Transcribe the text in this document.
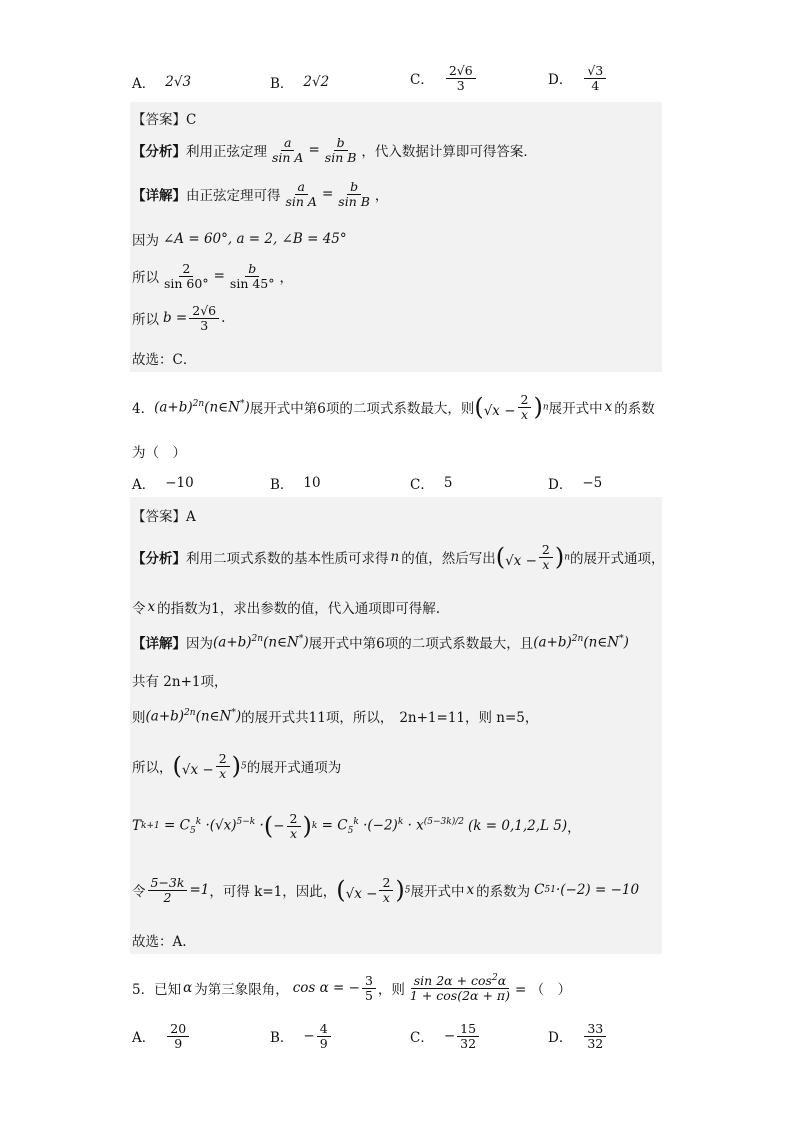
A． 2√3	B． 2√2	C． $\frac{2√6}{3}$	D． $\frac{√3}{4}$
【答案】C
【分析】 利用正弦定理 $\frac{a}{\text{sin A}} = \frac{b}{\text{sin B}}$ ，代入数据计算即可得答案．
【详解】 由正弦定理可得 $\frac{a}{\text{sin A}} = \frac{b}{\text{sin B}}$ ，
因为 ∠A = 60°, a = 2, ∠B = 45°
所以 $\frac{2}{\sin 60^\circ} = \frac{b}{\sin 45^\circ}$ ，
所以 $b = \frac{2√6}{3}$ .
故选：C．
4． $(a+b)^{2n}(n\in N^*)$ 展开式中第6项的二项式系数最大，则 $(√x - \frac{2}{x} )^n$ 展开式中 x 的系数
为（　）
A． −10	B． 10	C． 5	D． −5
【答案】A
【分析】 利用二项式系数的基本性质可求得 n 的值，然后写出 $(√x - \frac{2}{x} )^n$ 的展开式通项，
令 x 的指数为1，求出参数的值，代入通项即可得解.
【详解】 因为 $(a+b)^{2n}(n\in N^*)$ 展开式中第6项的二项式系数最大，且 $(a+b)^{2n}(n\in N^*)$
共有 2n+1项，
则 $(a+b)^{2n}(n\in N^*)$ 的展开式共11项，所以， 2n+1=11，则 n=5，
所以， $(√x - \frac{2}{x} )^5$ 的展开式通项为
T $k+1 = C_5^k \cdot(√x)^{5-k}$ · ( − $\frac{2}{x}$ ) $k = C_5^k \cdot(-2)^k \cdot x^{(5-3k)/2}$ (k = 0,1,2,L 5) ，
令 $\frac{5-3k}{2} =1$ ，可得 k=1，因此， $(√x - \frac{2}{x} )^5$ 展开式中 x 的系数为 C 5 1 ·(−2) = −10
故选：A.
5．已知 α 为第三象限角， cos α = − $\frac{3}{5}$ ，则 $\frac{\sin 2\alpha + \cos^2\alpha}{1 + \cos(2\alpha + \pi)}$ = （　）
A． $\frac{20}{9}$	B． − $\frac{4}{9}$	C． − $\frac{15}{32}$	D． $\frac{33}{32}$
